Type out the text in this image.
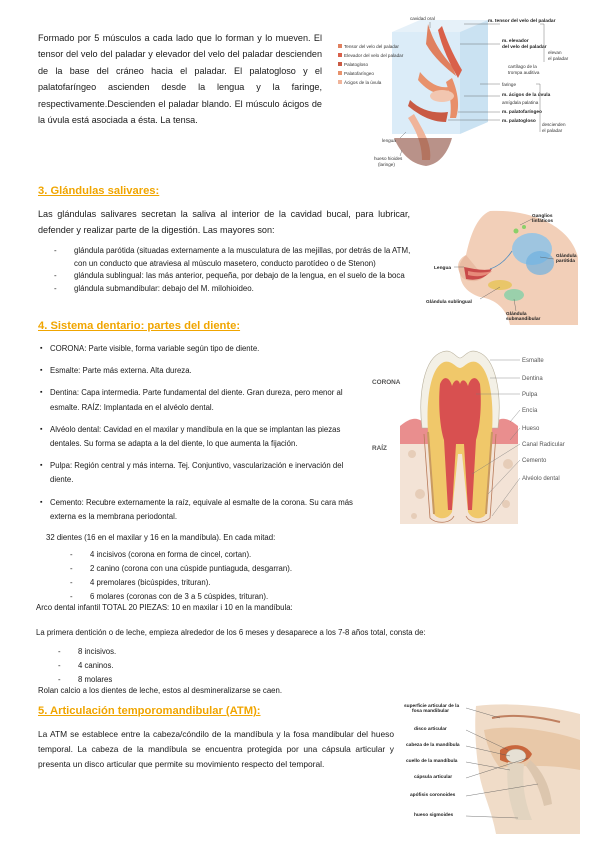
Formado por 5 músculos a cada lado que lo forman y lo mueven. El tensor del velo del paladar y elevador del velo del paladar descienden de la base del cráneo hacia el paladar. El palatogloso y el palatofaríngeo ascienden desde la lengua y la faringe, respectivamente.Descienden el paladar blando. El músculo ácigos de la úvula está asociada a ésta. La tensa.

Tensor del velo del paladar
Elevador del velo del paladar
Palatogloso
Palatofaríngeo
Ácigos de la úvula
cavidad oral
m. tensor del velo del paladar
m. elevador
del velo del paladar
elevan el paladar
cartílago de la trompa auditiva
faringe
m. ácigos de la úvula
amígdala palatina
m. palatofaríngeo
descienden el paladar
m. palatogloso
lengua
hueso hioides (laringe)
3. Glándulas salivares:

Las glándulas salivares secretan la saliva al interior de la cavidad bucal, para lubricar, defender y realizar parte de la digestión. Las mayores son:

- glándula parótida (situadas externamente a la musculatura de las mejillas, por detrás de la ATM, con un conducto que atraviesa al músculo masetero, conducto parotídeo o de Stenon)
- glándula sublingual: las más anterior, pequeña, por debajo de la lengua, en el suelo de la boca
- glándula submandibular: debajo del M. milohioideo.
Ganglios linfáticos
Glándula parótida
Lengua
Glándula sublingual
Glándula submandibular
4. Sistema dentario: partes del diente:
▪ CORONA: Parte visible, forma variable según tipo de diente.
▪ Esmalte: Parte más externa. Alta dureza.
▪ Dentina: Capa intermedia. Parte fundamental del diente. Gran dureza, pero menor al esmalte. RAÍZ: Implantada en el alvéolo dental.
▪ Alvéolo dental: Cavidad en el maxilar y mandíbula en la que se implantan las piezas dentales. Su forma se adapta a la del diente, lo que aumenta la fijación.
▪ Pulpa: Región central y más interna. Tej. Conjuntivo, vascularización e inervación del diente.
▪ Cemento: Recubre externamente la raíz, equivale al esmalte de la corona. Su cara más externa es la membrana periodontal.
CORONA
RAÍZ
Esmalte
Dentina
Pulpa
Encía
Hueso
Canal Radicular
Cemento
Alvéolo dental

32 dientes (16 en el maxilar y 16 en la mandíbula). En cada mitad:

- 4 incisivos (corona en forma de cincel, cortan).
- 2 canino (corona con una cúspide puntiaguda, desgarran).
- 4 premolares (bicúspides, trituran).
- 6 molares (coronas con de 3 a 5 cúspides, trituran).

Arco dental infantil TOTAL 20 PIEZAS: 10 en maxilar i 10 en la mandíbula:

La primera dentición o de leche, empieza alrededor de los 6 meses y desaparece a los 7-8 años total, consta de:

- 8 incisivos.
- 4 caninos.
- 8 molares

Rolan calcio a los dientes de leche, estos al desmineralizarse se caen.

5. Articulación temporomandibular (ATM):

La ATM se establece entre la cabeza/cóndilo de la mandíbula y la fosa mandibular del hueso temporal. La cabeza de la mandíbula se encuentra protegida por una cápsula articular y presenta un disco articular que permite su movimiento respecto del temporal.

superficie articular de la fosa mandibular
disco articular
cabeza de la mandíbula
cuello de la mandíbula
cápsula articular
apófisis coronoides
hueso sigmoides
